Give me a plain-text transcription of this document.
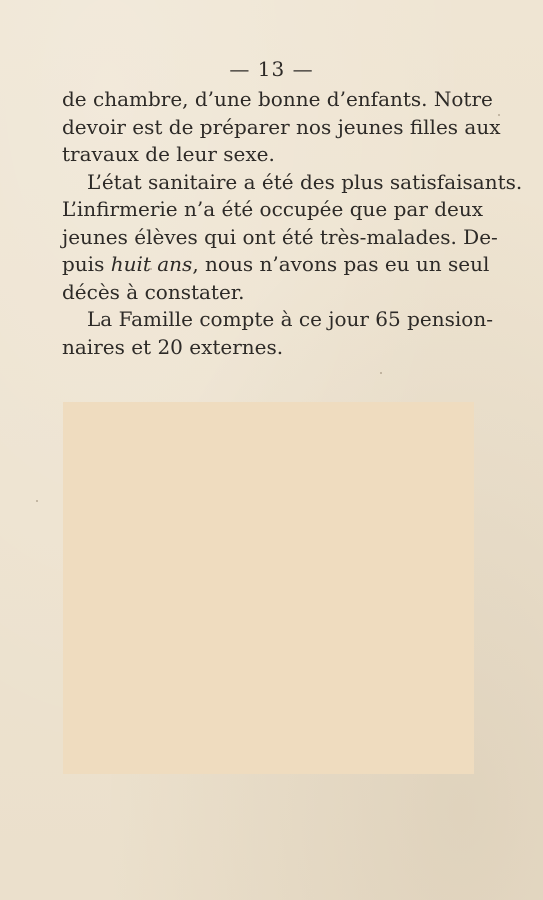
— 13 —
de chambre, d’une bonne d’enfants. Notre
devoir est de préparer nos jeunes filles aux
travaux de leur sexe.
L’état sanitaire a été des plus satisfaisants.
L’infirmerie n’a été occupée que par deux
jeunes élèves qui ont été très-malades. De-
puis huit ans, nous n’avons pas eu un seul
décès à constater.
La Famille compte à ce jour 65 pension-
naires et 20 externes.
